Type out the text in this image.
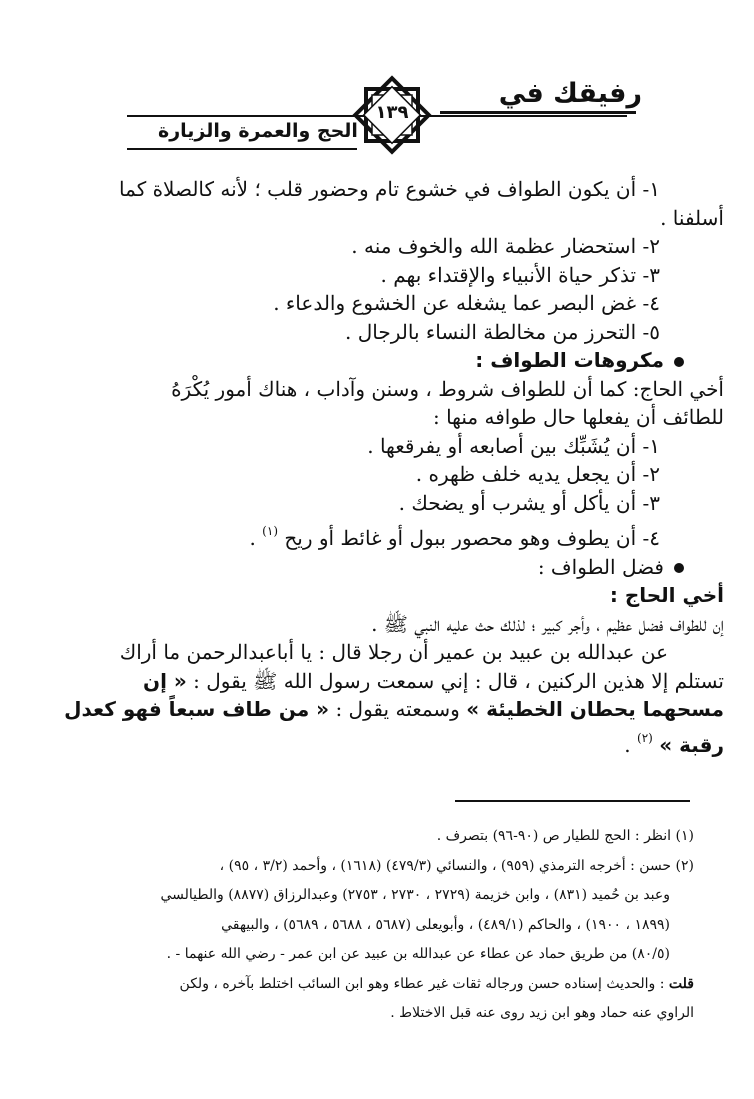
رفيقك في
الحج والعمرة والزيارة
١٣٩

١- أن يكون الطواف في خشوع تام وحضور قلب ؛ لأنه كالصلاة كما

أسلفنا .

٢- استحضار عظمة الله والخوف منه .

٣- تذكر حياة الأنبياء والإقتداء بهم .

٤- غض البصر عما يشغله عن الخشوع والدعاء .

٥- التحرز من مخالطة النساء بالرجال .

مكروهات الطواف :

أخي الحاج: كما أن للطواف شروط ، وسنن وآداب ، هناك أمور يُكْرَهُ

للطائف أن يفعلها حال طوافه منها :

١- أن يُشَبِّك بين أصابعه أو يفرقعها .

٢- أن يجعل يديه خلف ظهره .

٣- أن يأكل أو يشرب أو يضحك .

٤- أن يطوف وهو محصور ببول أو غائط أو ريح $^{(١)}$ .

فضل الطواف :

أخي الحاج :

إن للطواف فضل عظيم ، وأجر كبير ؛ لذلك حث عليه النبي ﷺ .

عن عبدالله بن عبيد بن عمير أن رجلا قال : يا أباعبدالرحمن ما أراك

تستلم إلا هذين الركنين ، قال : إني سمعت رسول الله ﷺ يقول : « إن

مسحهما يحطان الخطيئة » وسمعته يقول : « من طاف سبعاً فهو كعدل

رقبة » $^{(٢)}$ .

(١) انظر : الحج للطيار ص (٩٠-٩٦) بتصرف .

(٢) حسن : أخرجه الترمذي (٩٥٩) ، والنسائي (٤٧٩/٣) (١٦١٨) ، وأحمد (٣/٢ ، ٩٥) ،

وعبد بن حُميد (٨٣١) ، وابن خزيمة (٢٧٢٩ ، ٢٧٣٠ ، ٢٧٥٣) وعبدالرزاق (٨٨٧٧) والطيالسي

(١٨٩٩ ، ١٩٠٠) ، والحاكم (٤٨٩/١) ، وأبويعلى (٥٦٨٧ ، ٥٦٨٨ ، ٥٦٨٩) ، والبيهقي

(٨٠/٥) من طريق حماد عن عطاء عن عبدالله بن عبيد عن ابن عمر - رضي الله عنهما - .

قلت : والحديث إسناده حسن ورجاله ثقات غير عطاء وهو ابن السائب اختلط بآخره ، ولكن

الراوي عنه حماد وهو ابن زيد روى عنه قبل الاختلاط .
